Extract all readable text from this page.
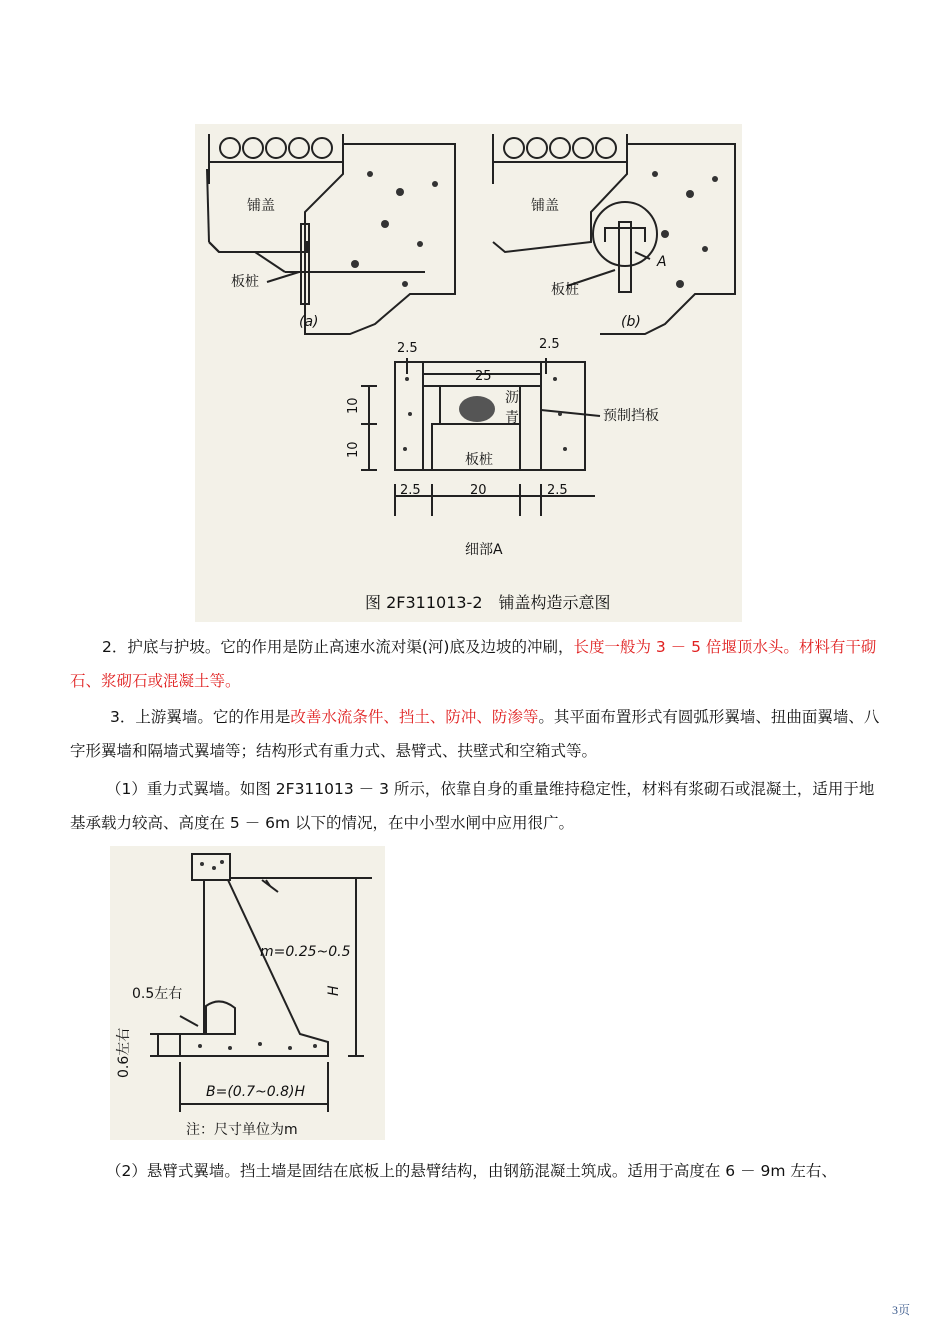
铺盖
板桩
(a)
铺盖
板桩
A
(b)
2.5	2.5
25
10
10
2.5	20	2.5
沥
青	预制挡板
板桩
细部A
图 2F311013-2　铺盖构造示意图

2．护底与护坡。它的作用是防止高速水流对渠(河)底及边坡的冲刷，长度一般为 3 － 5 倍堰顶水头。材料有干砌石、浆砌石或混凝土等。

3．上游翼墙。它的作用是改善水流条件、挡土、防冲、防渗等。其平面布置形式有圆弧形翼墙、扭曲面翼墙、八字形翼墙和隔墙式翼墙等；结构形式有重力式、悬臂式、扶壁式和空箱式等。

（1）重力式翼墙。如图 2F311013 － 3 所示，依靠自身的重量维持稳定性，材料有浆砌石或混凝土，适用于地基承载力较高、高度在 5 － 6m 以下的情况，在中小型水闸中应用很广。

m=0.25~0.5
H
0.5左右
0.6左右
B=(0.7~0.8)H
注：尺寸单位为m

（2）悬臂式翼墙。挡土墙是固结在底板上的悬臂结构，由钢筋混凝土筑成。适用于高度在 6 － 9m 左右、

3页
